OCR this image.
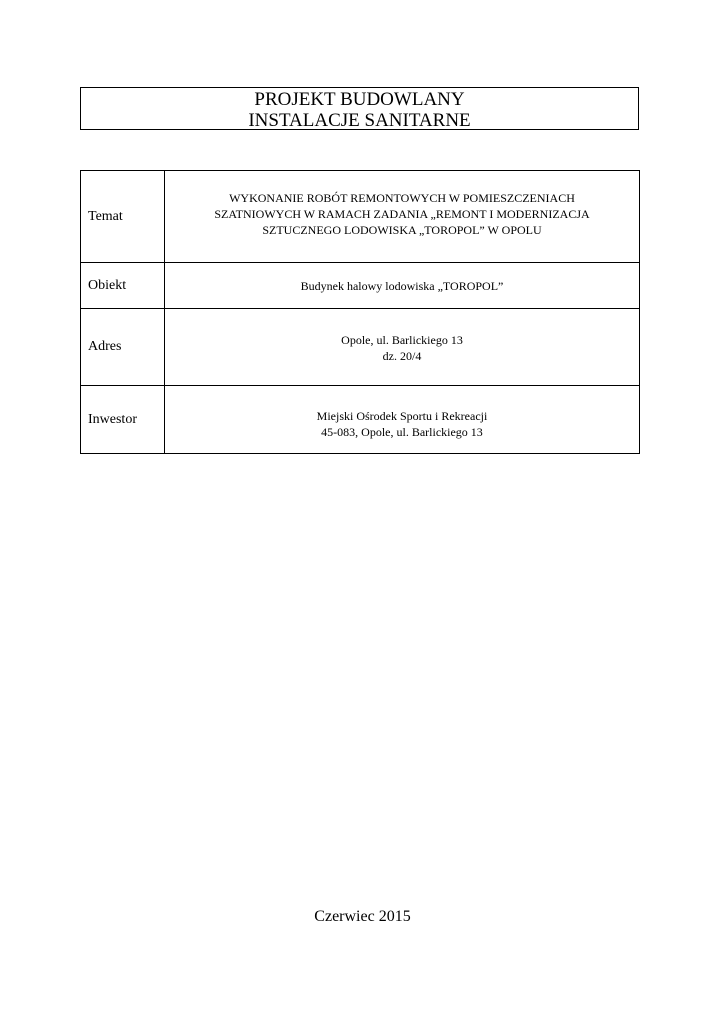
PROJEKT BUDOWLANY
INSTALACJE SANITARNE
Temat	WYKONANIE ROBÓT REMONTOWYCH W POMIESZCZENIACH
SZATNIOWYCH W RAMACH ZADANIA „REMONT I MODERNIZACJA
SZTUCZNEGO LODOWISKA „TOROPOL” W OPOLU

Obiekt	Budynek halowy lodowiska „TOROPOL”

Adres	Opole, ul. Barlickiego 13
dz. 20/4

Inwestor	Miejski Ośrodek Sportu i Rekreacji
45-083, Opole, ul. Barlickiego 13
Czerwiec 2015
